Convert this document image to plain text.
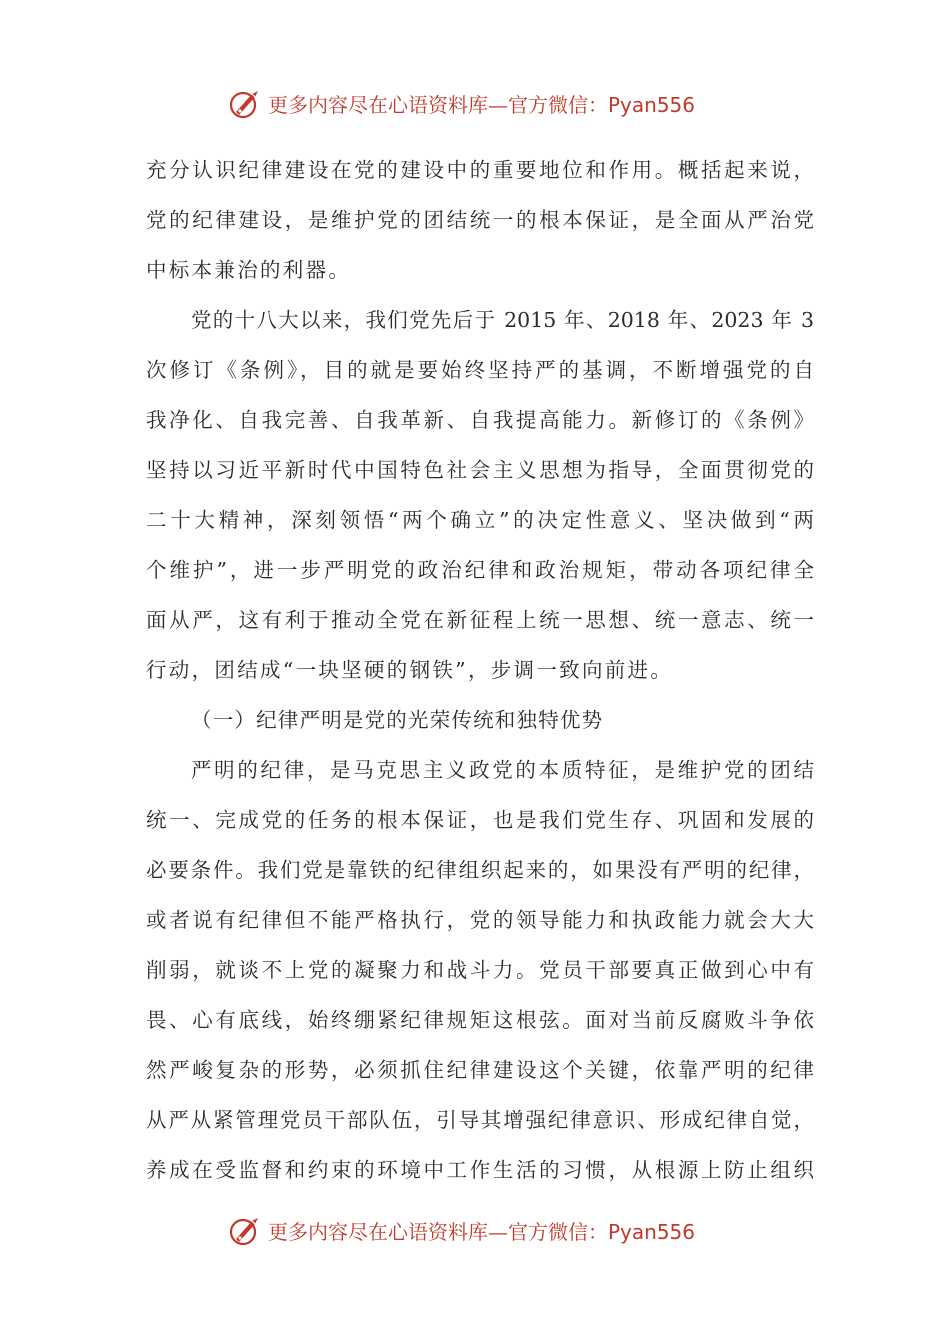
更多内容尽在心语资料库—官方微信：Pyan556
充分认识纪律建设在党的建设中的重要地位和作用。概括起来说，
党的纪律建设，是维护党的团结统一的根本保证，是全面从严治党
中标本兼治的利器。
党的十八大以来，我们党先后于 2015 年、2018 年、2023 年 3
次修订《条例》，目的就是要始终坚持严的基调，不断增强党的自
我净化、自我完善、自我革新、自我提高能力。新修订的《条例》
坚持以习近平新时代中国特色社会主义思想为指导，全面贯彻党的
二十大精神，深刻领悟“两个确立”的决定性意义、坚决做到“两
个维护”，进一步严明党的政治纪律和政治规矩，带动各项纪律全
面从严，这有利于推动全党在新征程上统一思想、统一意志、统一
行动，团结成“一块坚硬的钢铁”，步调一致向前进。
（一）纪律严明是党的光荣传统和独特优势
严明的纪律，是马克思主义政党的本质特征，是维护党的团结
统一、完成党的任务的根本保证，也是我们党生存、巩固和发展的
必要条件。我们党是靠铁的纪律组织起来的，如果没有严明的纪律，
或者说有纪律但不能严格执行，党的领导能力和执政能力就会大大
削弱，就谈不上党的凝聚力和战斗力。党员干部要真正做到心中有
畏、心有底线，始终绷紧纪律规矩这根弦。面对当前反腐败斗争依
然严峻复杂的形势，必须抓住纪律建设这个关键，依靠严明的纪律
从严从紧管理党员干部队伍，引导其增强纪律意识、形成纪律自觉，
养成在受监督和约束的环境中工作生活的习惯，从根源上防止组织
更多内容尽在心语资料库—官方微信：Pyan556
